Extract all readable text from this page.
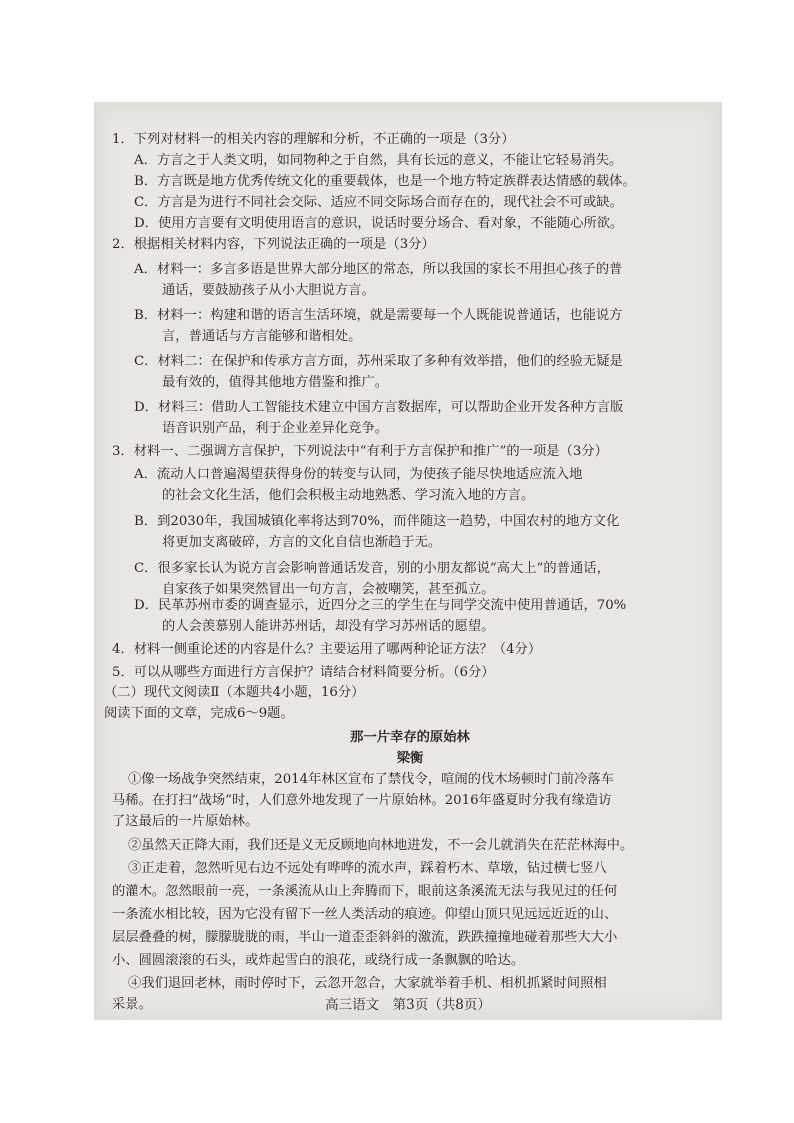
1．下列对材料一的相关内容的理解和分析，不正确的一项是（3分）
A．方言之于人类文明，如同物种之于自然，具有长远的意义，不能让它轻易消失。
B．方言既是地方优秀传统文化的重要载体，也是一个地方特定族群表达情感的载体。
C．方言是为进行不同社会交际、适应不同交际场合而存在的，现代社会不可或缺。
D．使用方言要有文明使用语言的意识，说话时要分场合、看对象，不能随心所欲。
2．根据相关材料内容，下列说法正确的一项是（3分）
A．材料一：多言多语是世界大部分地区的常态，所以我国的家长不用担心孩子的普
通话，要鼓励孩子从小大胆说方言。
B．材料一：构建和谐的语言生活环境，就是需要每一个人既能说普通话，也能说方
言，普通话与方言能够和谐相处。
C．材料二：在保护和传承方言方面，苏州采取了多种有效举措，他们的经验无疑是
最有效的，值得其他地方借鉴和推广。
D．材料三：借助人工智能技术建立中国方言数据库，可以帮助企业开发各种方言版
语音识别产品，利于企业差异化竞争。
3．材料一、二强调方言保护，下列说法中“有利于方言保护和推广”的一项是（3分）
A．流动人口普遍渴望获得身份的转变与认同，为使孩子能尽快地适应流入地
的社会文化生活，他们会积极主动地熟悉、学习流入地的方言。
B．到2030年，我国城镇化率将达到70%，而伴随这一趋势，中国农村的地方文化
将更加支离破碎，方言的文化自信也渐趋于无。
C．很多家长认为说方言会影响普通话发音，别的小朋友都说“高大上”的普通话，
自家孩子如果突然冒出一句方言，会被嘲笑，甚至孤立。
D．民革苏州市委的调查显示，近四分之三的学生在与同学交流中使用普通话，70%
的人会羡慕别人能讲苏州话，却没有学习苏州话的愿望。
4．材料一侧重论述的内容是什么？主要运用了哪两种论证方法？（4分）
5．可以从哪些方面进行方言保护？请结合材料简要分析。（6分）
（二）现代文阅读Ⅱ（本题共4小题，16分）
阅读下面的文章，完成6～9题。
那一片幸存的原始林
梁衡
①像一场战争突然结束，2014年林区宣布了禁伐令，喧闹的伐木场顿时门前冷落车
马稀。在打扫“战场”时，人们意外地发现了一片原始林。2016年盛夏时分我有缘造访
了这最后的一片原始林。
②虽然天正降大雨，我们还是义无反顾地向林地进发，不一会儿就消失在茫茫林海中。
③正走着，忽然听见右边不远处有哗哗的流水声，踩着朽木、草墩，钻过横七竖八
的灌木。忽然眼前一亮，一条溪流从山上奔腾而下，眼前这条溪流无法与我见过的任何
一条流水相比较，因为它没有留下一丝人类活动的痕迹。仰望山顶只见远远近近的山、
层层叠叠的树，朦朦胧胧的雨，半山一道歪歪斜斜的激流，跌跌撞撞地碰着那些大大小
小、圆圆滚滚的石头，或炸起雪白的浪花，或绕行成一条飘飘的哈达。
④我们退回老林，雨时停时下，云忽开忽合，大家就举着手机、相机抓紧时间照相
采景。	高三语文　第3页（共8页）
